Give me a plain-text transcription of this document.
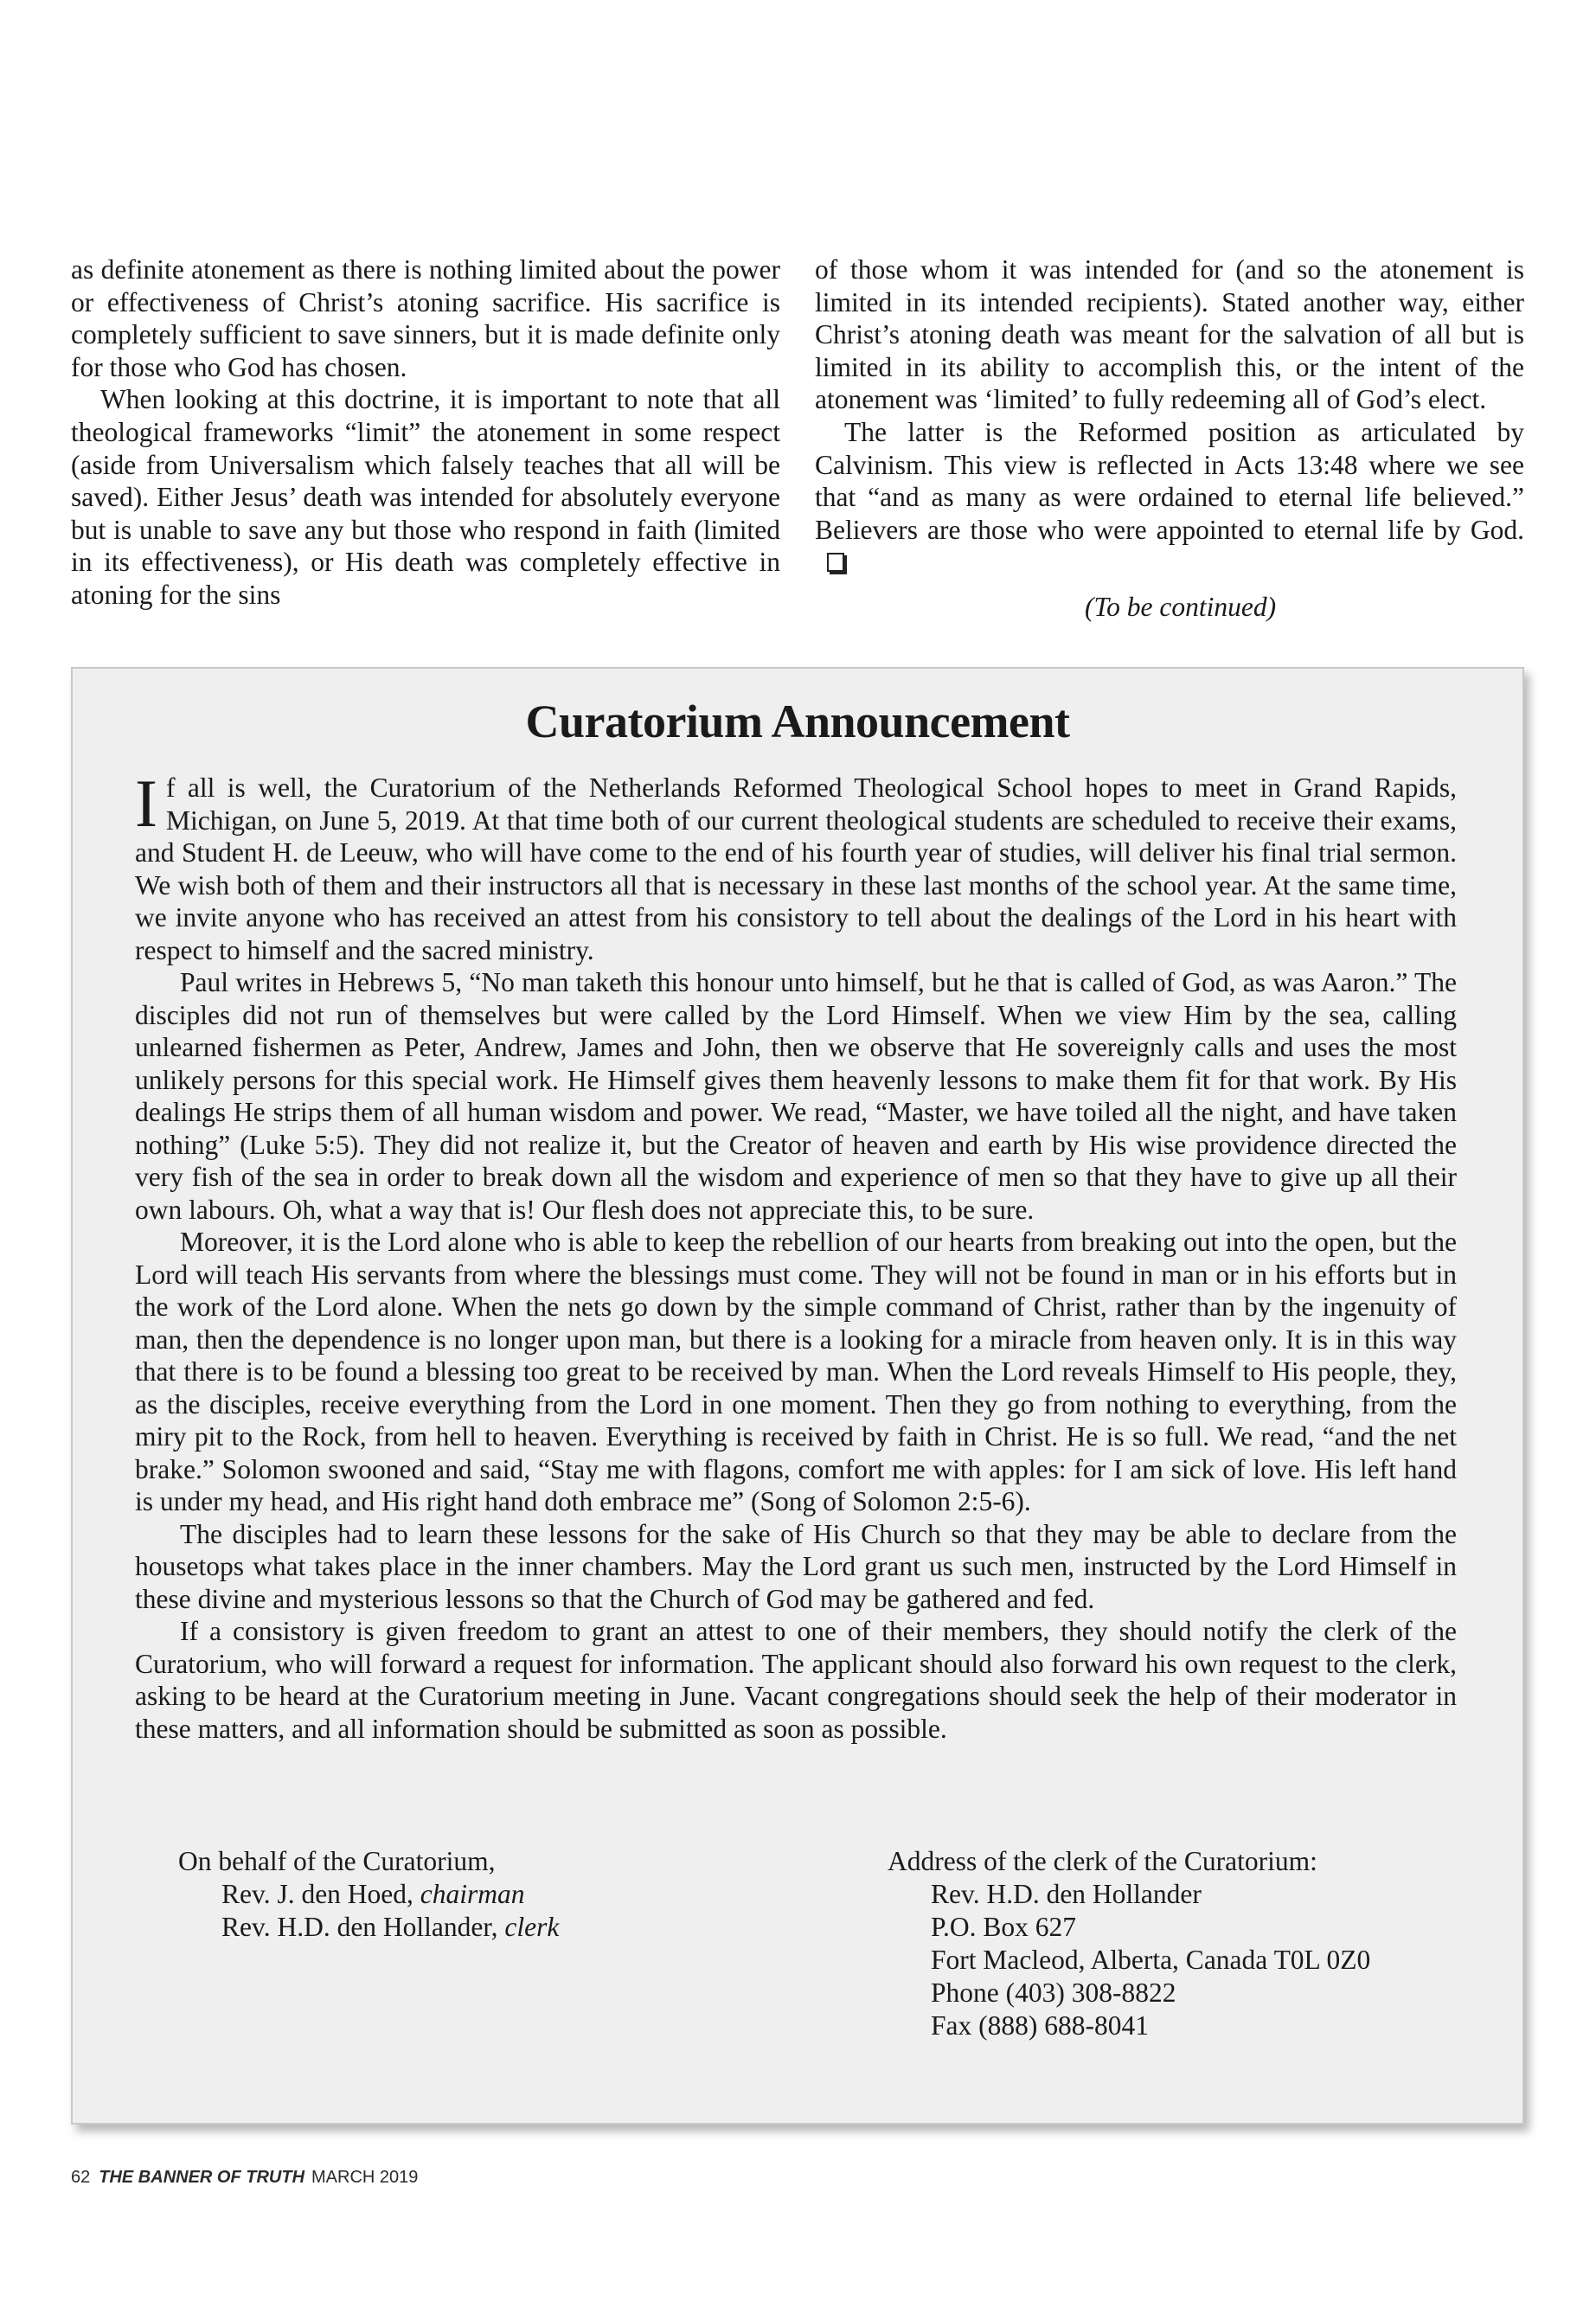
as definite atonement as there is nothing limited about the power or effectiveness of Christ’s atoning sacrifice. His sacrifice is completely sufficient to save sinners, but it is made definite only for those who God has chosen.

When looking at this doctrine, it is important to note that all theological frameworks “limit” the atonement in some respect (aside from Universalism which falsely teaches that all will be saved). Either Jesus’ death was intended for absolutely everyone but is unable to save any but those who respond in faith (limited in its effectiveness), or His death was completely effective in atoning for the sins

of those whom it was intended for (and so the atonement is limited in its intended recipients). Stated another way, either Christ’s atoning death was meant for the salvation of all but is limited in its ability to accomplish this, or the intent of the atonement was ‘limited’ to fully redeeming all of God’s elect.

The latter is the Reformed position as articulated by Calvinism. This view is reflected in Acts 13:48 where we see that “and as many as were ordained to eternal life believed.” Believers are those who were appointed to eternal life by God.

(To be continued)

Curatorium Announcement

If all is well, the Curatorium of the Netherlands Reformed Theological School hopes to meet in Grand Rapids, Michigan, on June 5, 2019. At that time both of our current theological students are scheduled to receive their exams, and Student H. de Leeuw, who will have come to the end of his fourth year of studies, will deliver his final trial sermon. We wish both of them and their instructors all that is necessary in these last months of the school year. At the same time, we invite anyone who has received an attest from his consistory to tell about the dealings of the Lord in his heart with respect to himself and the sacred ministry.

Paul writes in Hebrews 5, “No man taketh this honour unto himself, but he that is called of God, as was Aaron.” The disciples did not run of themselves but were called by the Lord Himself. When we view Him by the sea, calling unlearned fishermen as Peter, Andrew, James and John, then we observe that He sovereignly calls and uses the most unlikely persons for this special work. He Himself gives them heavenly lessons to make them fit for that work. By His dealings He strips them of all human wisdom and power. We read, “Master, we have toiled all the night, and have taken nothing” (Luke 5:5). They did not realize it, but the Creator of heaven and earth by His wise providence directed the very fish of the sea in order to break down all the wisdom and experience of men so that they have to give up all their own labours. Oh, what a way that is! Our flesh does not appreciate this, to be sure.

Moreover, it is the Lord alone who is able to keep the rebellion of our hearts from breaking out into the open, but the Lord will teach His servants from where the blessings must come. They will not be found in man or in his efforts but in the work of the Lord alone. When the nets go down by the simple command of Christ, rather than by the ingenuity of man, then the dependence is no longer upon man, but there is a looking for a miracle from heaven only. It is in this way that there is to be found a blessing too great to be received by man. When the Lord reveals Himself to His people, they, as the disciples, receive everything from the Lord in one moment. Then they go from nothing to everything, from the miry pit to the Rock, from hell to heaven. Everything is received by faith in Christ. He is so full. We read, “and the net brake.” Solomon swooned and said, “Stay me with flagons, comfort me with apples: for I am sick of love. His left hand is under my head, and His right hand doth embrace me” (Song of Solomon 2:5-6).

The disciples had to learn these lessons for the sake of His Church so that they may be able to declare from the housetops what takes place in the inner chambers. May the Lord grant us such men, instructed by the Lord Himself in these divine and mysterious lessons so that the Church of God may be gathered and fed.

If a consistory is given freedom to grant an attest to one of their members, they should notify the clerk of the Curatorium, who will forward a request for information. The applicant should also forward his own request to the clerk, asking to be heard at the Curatorium meeting in June. Vacant congregations should seek the help of their moderator in these matters, and all information should be submitted as soon as possible.

On behalf of the Curatorium,
Rev. J. den Hoed, chairman
Rev. H.D. den Hollander, clerk
Address of the clerk of the Curatorium:
Rev. H.D. den Hollander
P.O. Box 627
Fort Macleod, Alberta, Canada T0L 0Z0
Phone (403) 308-8822
Fax (888) 688-8041
62 THE BANNER OF TRUTH MARCH 2019
